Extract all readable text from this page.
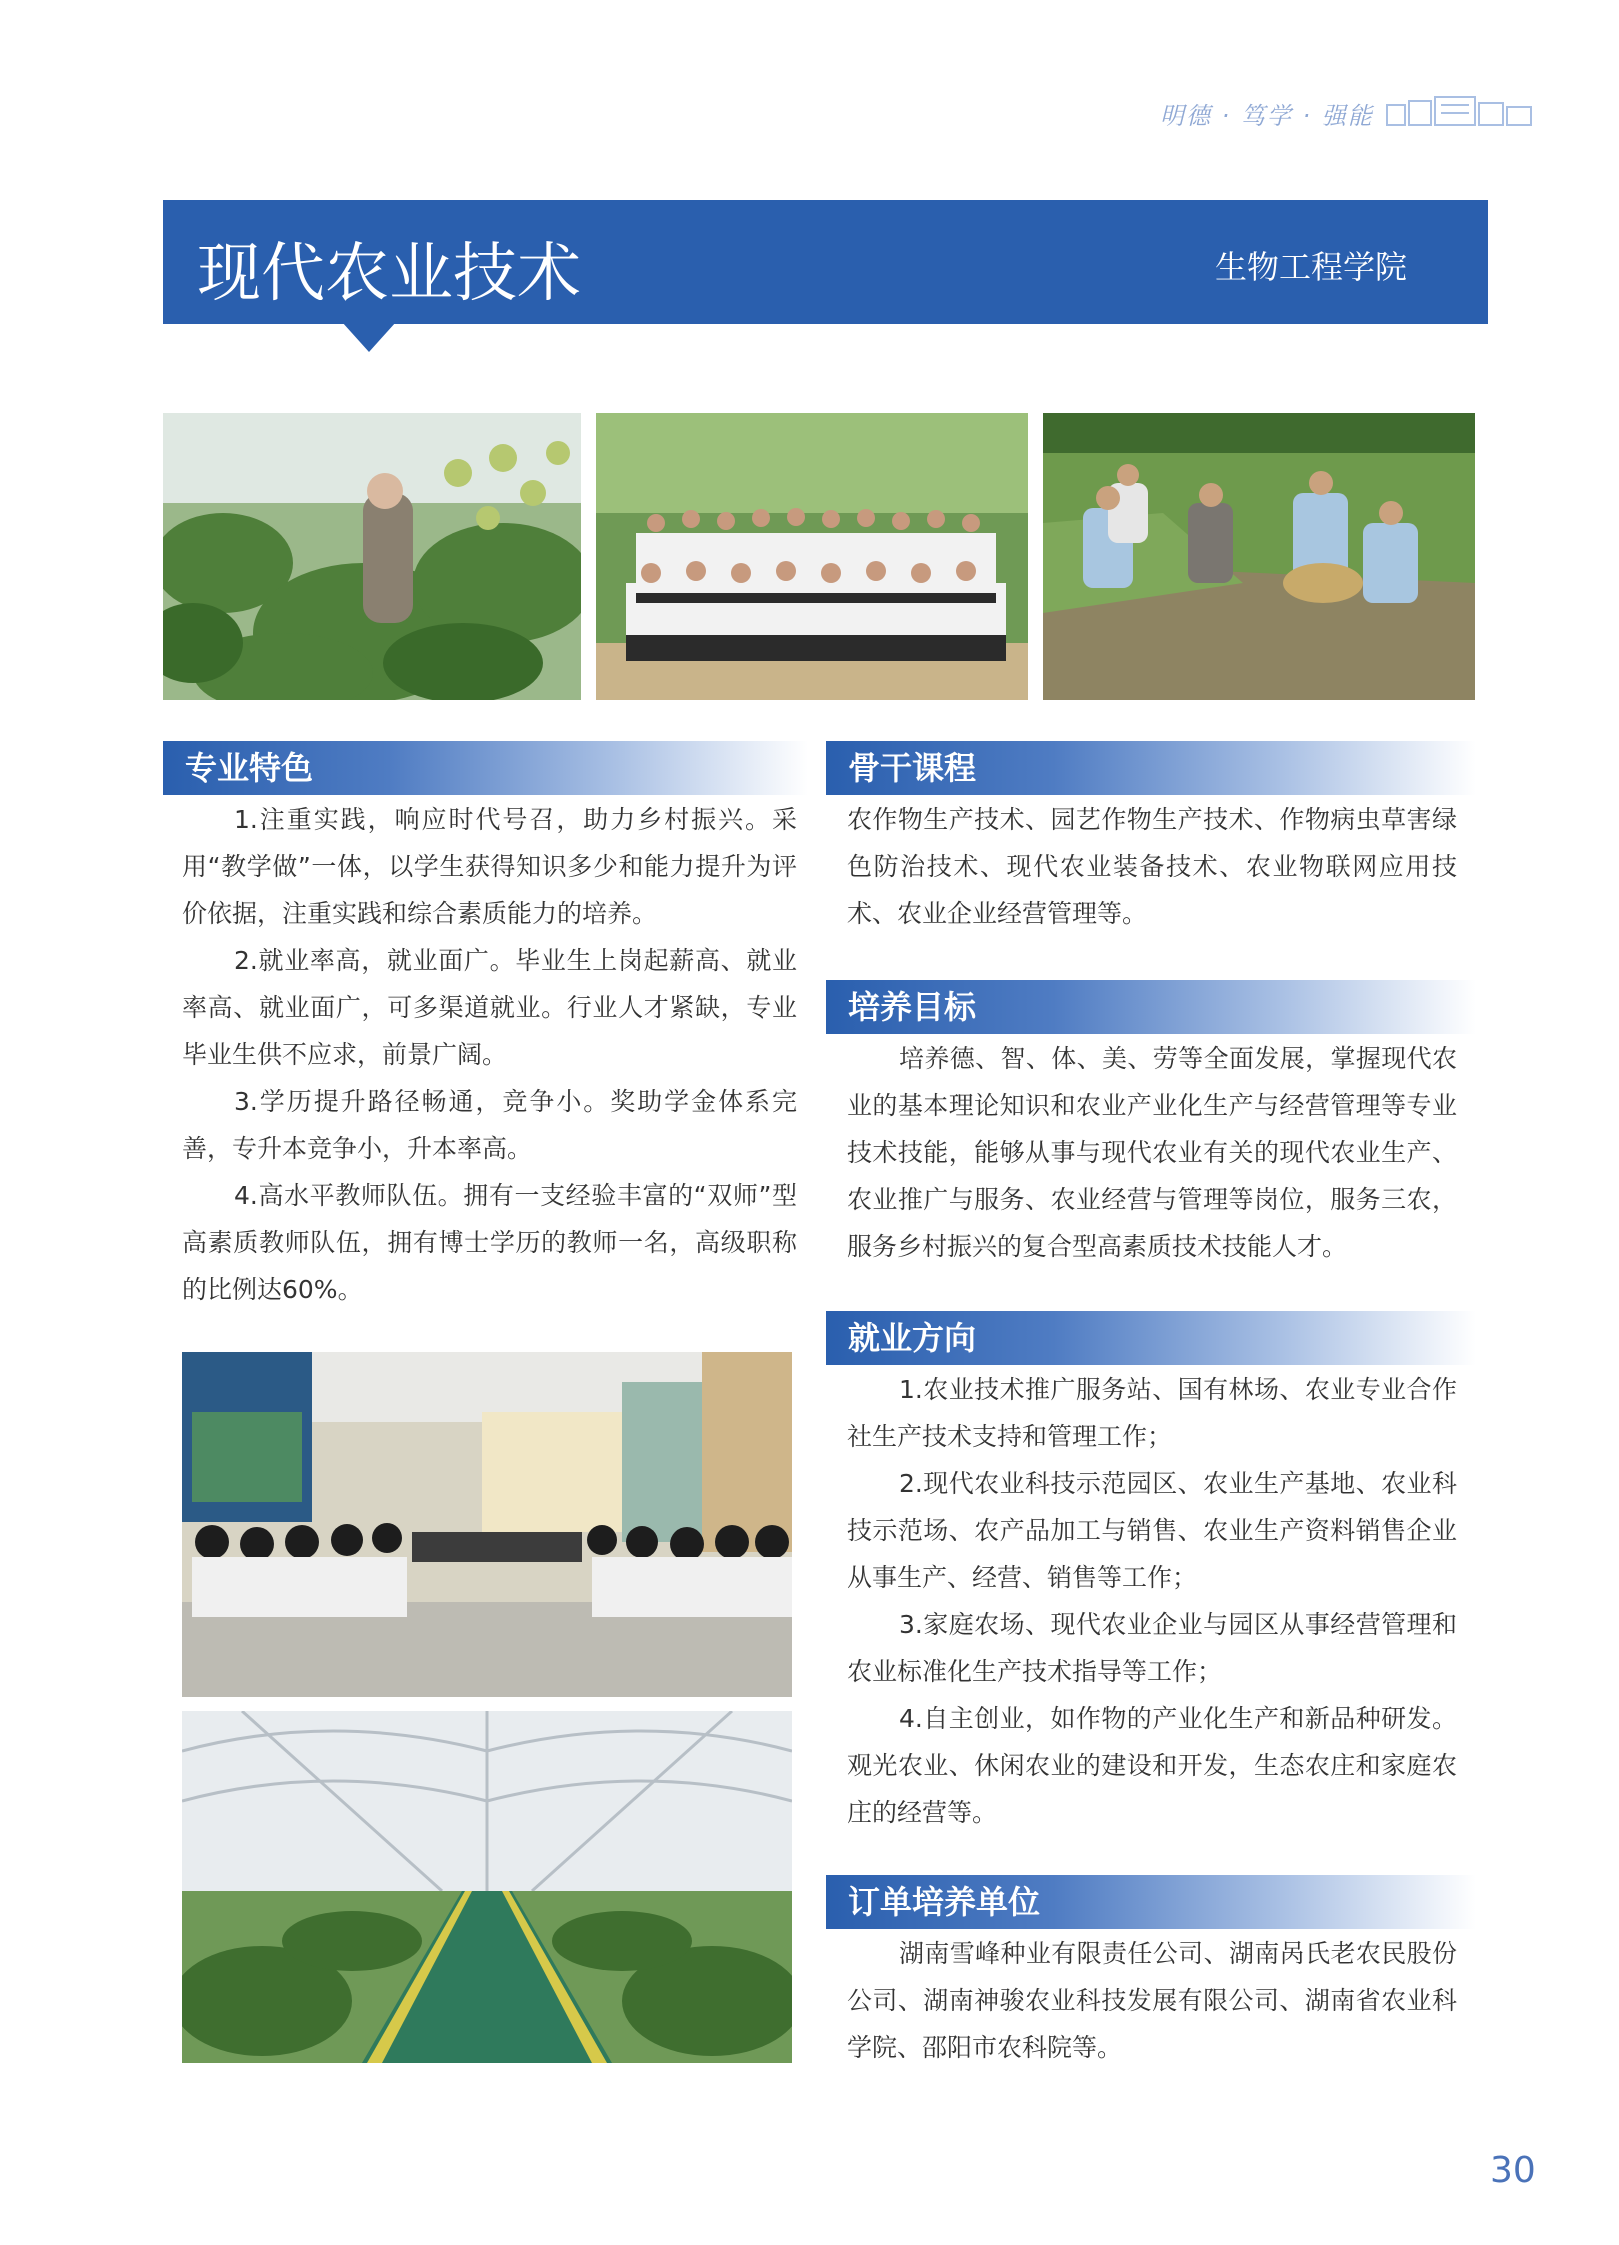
明德 · 笃学 · 强能
现代农业技术	生物工程学院
专业特色

1.注重实践，响应时代号召，助力乡村振兴。采用“教学做”一体，以学生获得知识多少和能力提升为评价依据，注重实践和综合素质能力的培养。

2.就业率高，就业面广。毕业生上岗起薪高、就业率高、就业面广，可多渠道就业。行业人才紧缺，专业毕业生供不应求，前景广阔。

3.学历提升路径畅通，竞争小。奖助学金体系完善，专升本竞争小，升本率高。

4.高水平教师队伍。拥有一支经验丰富的“双师”型高素质教师队伍，拥有博士学历的教师一名，高级职称的比例达60%。

骨干课程

农作物生产技术、园艺作物生产技术、作物病虫草害绿色防治技术、现代农业装备技术、农业物联网应用技术、农业企业经营管理等。

培养目标

培养德、智、体、美、劳等全面发展，掌握现代农业的基本理论知识和农业产业化生产与经营管理等专业技术技能，能够从事与现代农业有关的现代农业生产、农业推广与服务、农业经营与管理等岗位，服务三农，服务乡村振兴的复合型高素质技术技能人才。

就业方向

1.农业技术推广服务站、国有林场、农业专业合作社生产技术支持和管理工作；

2.现代农业科技示范园区、农业生产基地、农业科技示范场、农产品加工与销售、农业生产资料销售企业从事生产、经营、销售等工作；

3.家庭农场、现代农业企业与园区从事经营管理和农业标准化生产技术指导等工作；

4.自主创业，如作物的产业化生产和新品种研发。观光农业、休闲农业的建设和开发，生态农庄和家庭农庄的经营等。

订单培养单位

湖南雪峰种业有限责任公司、湖南呙氏老农民股份公司、湖南神骏农业科技发展有限公司、湖南省农业科学院、邵阳市农科院等。

30
